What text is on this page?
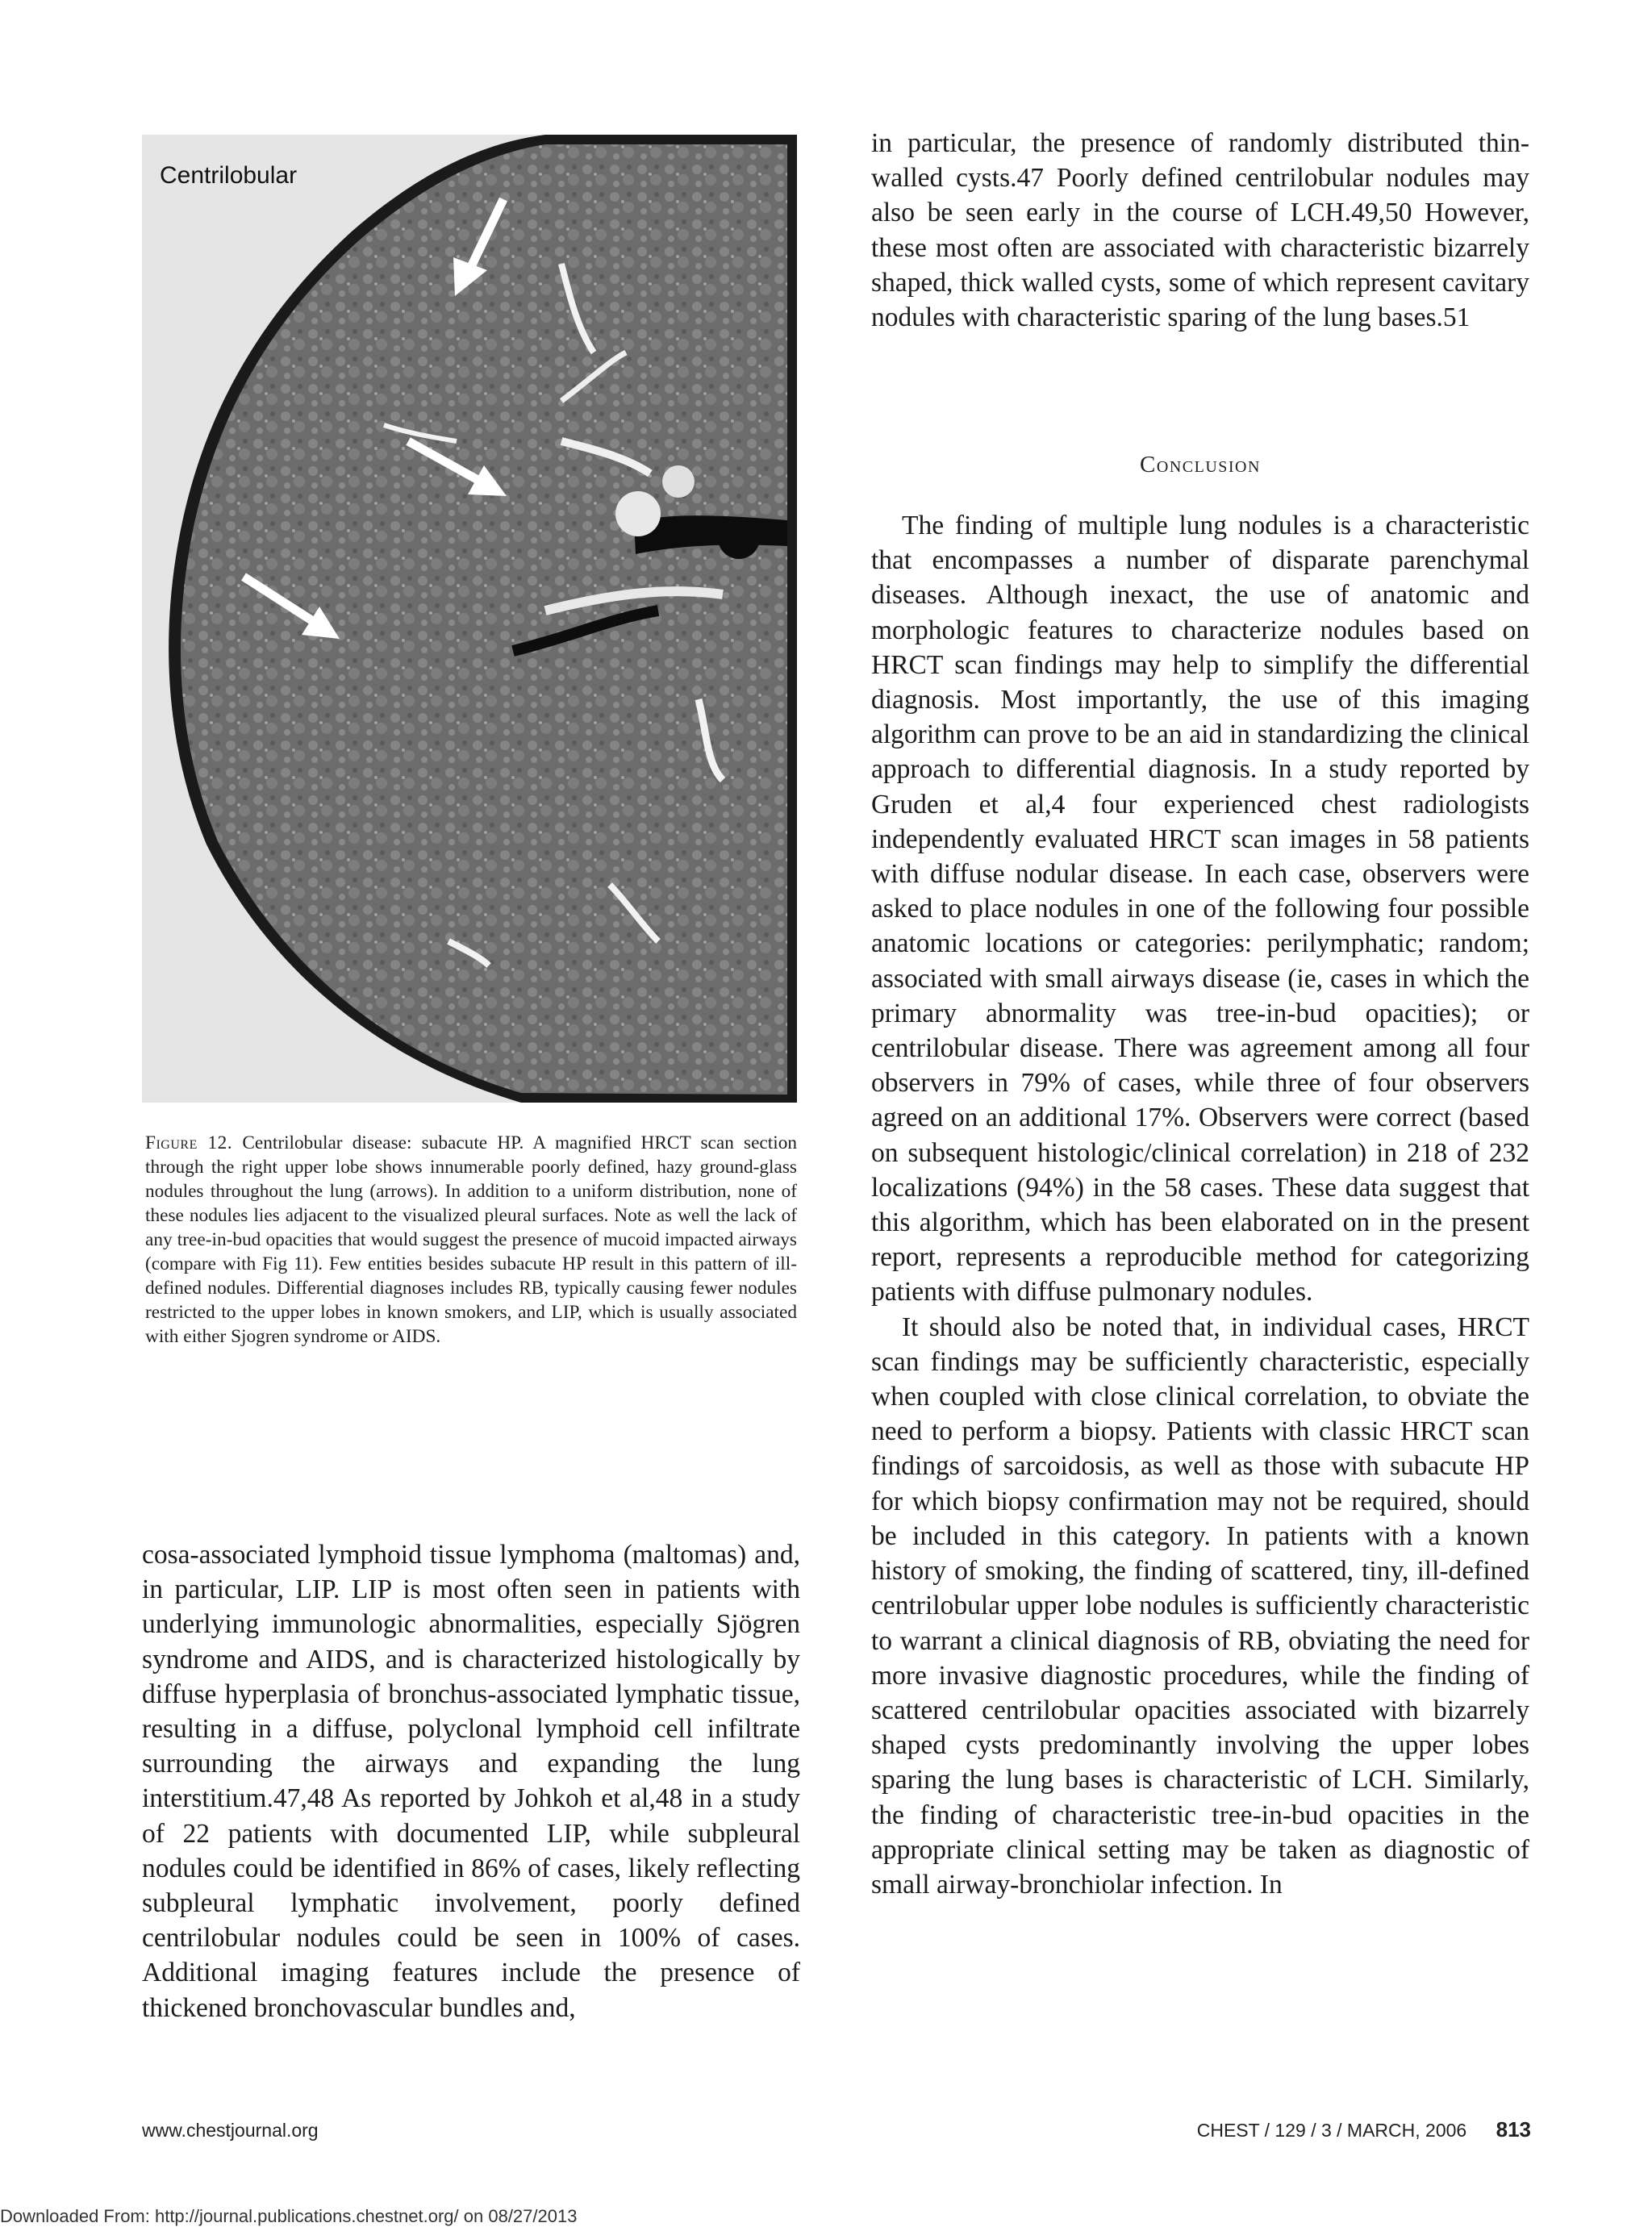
Centrilobular
Figure 12. Centrilobular disease: subacute HP. A magnified HRCT scan section through the right upper lobe shows innumerable poorly defined, hazy ground-glass nodules throughout the lung (arrows). In addition to a uniform distribution, none of these nodules lies adjacent to the visualized pleural surfaces. Note as well the lack of any tree-in-bud opacities that would suggest the presence of mucoid impacted airways (compare with Fig 11). Few entities besides subacute HP result in this pattern of ill-defined nodules. Differential diagnoses includes RB, typically causing fewer nodules restricted to the upper lobes in known smokers, and LIP, which is usually associated with either Sjogren syndrome or AIDS.

cosa-associated lymphoid tissue lymphoma (maltomas) and, in particular, LIP. LIP is most often seen in patients with underlying immunologic abnormalities, especially Sjögren syndrome and AIDS, and is characterized histologically by diffuse hyperplasia of bronchus-associated lymphatic tissue, resulting in a diffuse, polyclonal lymphoid cell infiltrate surrounding the airways and expanding the lung interstitium.47,48 As reported by Johkoh et al,48 in a study of 22 patients with documented LIP, while subpleural nodules could be identified in 86% of cases, likely reflecting subpleural lymphatic involvement, poorly defined centrilobular nodules could be seen in 100% of cases. Additional imaging features include the presence of thickened bronchovascular bundles and,

in particular, the presence of randomly distributed thin-walled cysts.47 Poorly defined centrilobular nodules may also be seen early in the course of LCH.49,50 However, these most often are associated with characteristic bizarrely shaped, thick walled cysts, some of which represent cavitary nodules with characteristic sparing of the lung bases.51

Conclusion

The finding of multiple lung nodules is a characteristic that encompasses a number of disparate parenchymal diseases. Although inexact, the use of anatomic and morphologic features to characterize nodules based on HRCT scan findings may help to simplify the differential diagnosis. Most importantly, the use of this imaging algorithm can prove to be an aid in standardizing the clinical approach to differential diagnosis. In a study reported by Gruden et al,4 four experienced chest radiologists independently evaluated HRCT scan images in 58 patients with diffuse nodular disease. In each case, observers were asked to place nodules in one of the following four possible anatomic locations or categories: perilymphatic; random; associated with small airways disease (ie, cases in which the primary abnormality was tree-in-bud opacities); or centrilobular disease. There was agreement among all four observers in 79% of cases, while three of four observers agreed on an additional 17%. Observers were correct (based on subsequent histologic/clinical correlation) in 218 of 232 localizations (94%) in the 58 cases. These data suggest that this algorithm, which has been elaborated on in the present report, represents a reproducible method for categorizing patients with diffuse pulmonary nodules.

It should also be noted that, in individual cases, HRCT scan findings may be sufficiently characteristic, especially when coupled with close clinical correlation, to obviate the need to perform a biopsy. Patients with classic HRCT scan findings of sarcoidosis, as well as those with subacute HP for which biopsy confirmation may not be required, should be included in this category. In patients with a known history of smoking, the finding of scattered, tiny, ill-defined centrilobular upper lobe nodules is sufficiently characteristic to warrant a clinical diagnosis of RB, obviating the need for more invasive diagnostic procedures, while the finding of scattered centrilobular opacities associated with bizarrely shaped cysts predominantly involving the upper lobes sparing the lung bases is characteristic of LCH. Similarly, the finding of characteristic tree-in-bud opacities in the appropriate clinical setting may be taken as diagnostic of small airway-bronchiolar infection. In

www.chestjournal.org	CHEST / 129 / 3 / MARCH, 2006 813
Downloaded From: http://journal.publications.chestnet.org/ on 08/27/2013
